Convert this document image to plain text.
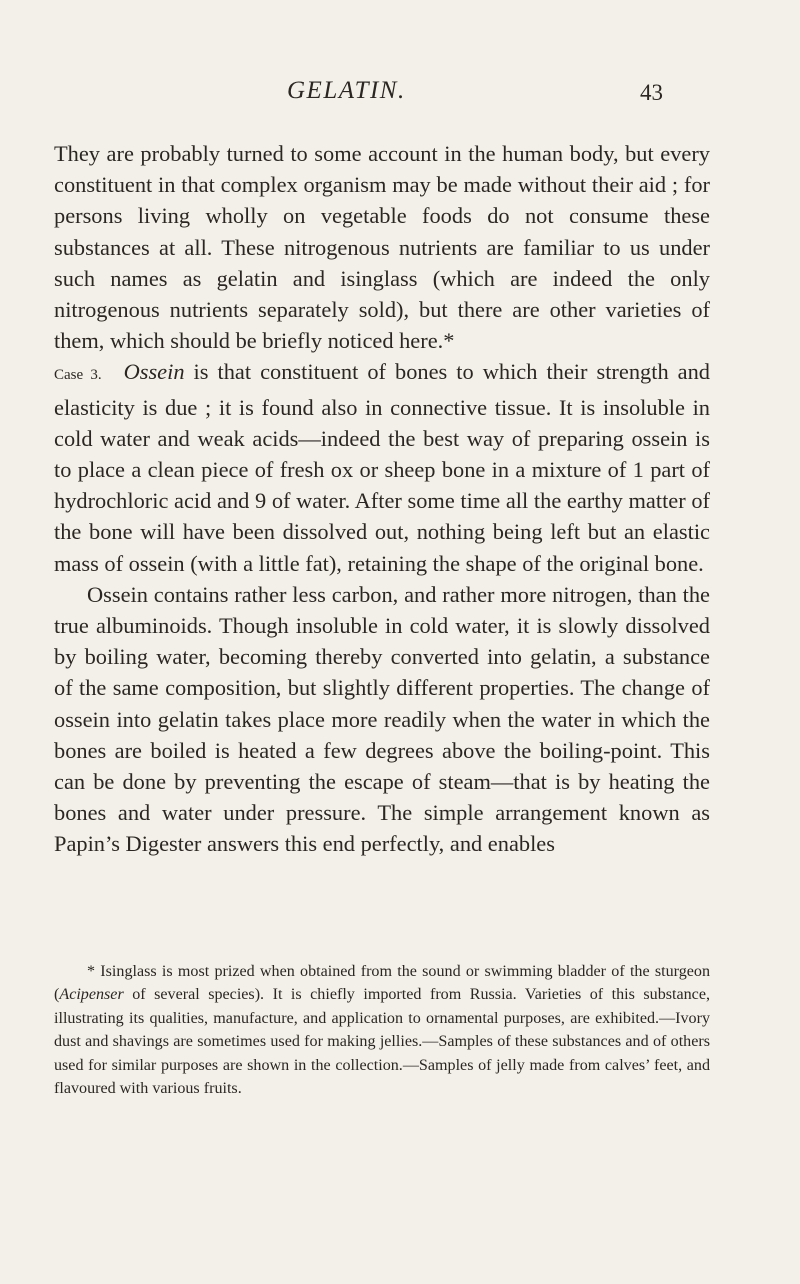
GELATIN.	43

They are probably turned to some account in the human body, but every constituent in that complex organism may be made without their aid ; for persons living wholly on vegetable foods do not consume these substances at all. These nitrogenous nutrients are familiar to us under such names as gelatin and isinglass (which are indeed the only nitrogenous nutrients separately sold), but there are other varieties of them, which should be briefly noticed here.*

Case 3. Ossein is that constituent of bones to which their strength and elasticity is due ; it is found also in connective tissue. It is insoluble in cold water and weak acids—indeed the best way of preparing ossein is to place a clean piece of fresh ox or sheep bone in a mixture of 1 part of hydrochloric acid and 9 of water. After some time all the earthy matter of the bone will have been dissolved out, nothing being left but an elastic mass of ossein (with a little fat), retaining the shape of the original bone.

Ossein contains rather less carbon, and rather more nitrogen, than the true albuminoids. Though insoluble in cold water, it is slowly dissolved by boiling water, becoming thereby converted into gelatin, a substance of the same composition, but slightly different properties. The change of ossein into gelatin takes place more readily when the water in which the bones are boiled is heated a few degrees above the boiling-point. This can be done by preventing the escape of steam—that is by heating the bones and water under pressure. The simple arrangement known as Papin’s Digester answers this end perfectly, and enables

* Isinglass is most prized when obtained from the sound or swimming bladder of the sturgeon (Acipenser of several species). It is chiefly imported from Russia. Varieties of this substance, illustrating its qualities, manufacture, and application to ornamental purposes, are exhibited.—Ivory dust and shavings are sometimes used for making jellies.—Samples of these substances and of others used for similar purposes are shown in the collection.—Samples of jelly made from calves’ feet, and flavoured with various fruits.
